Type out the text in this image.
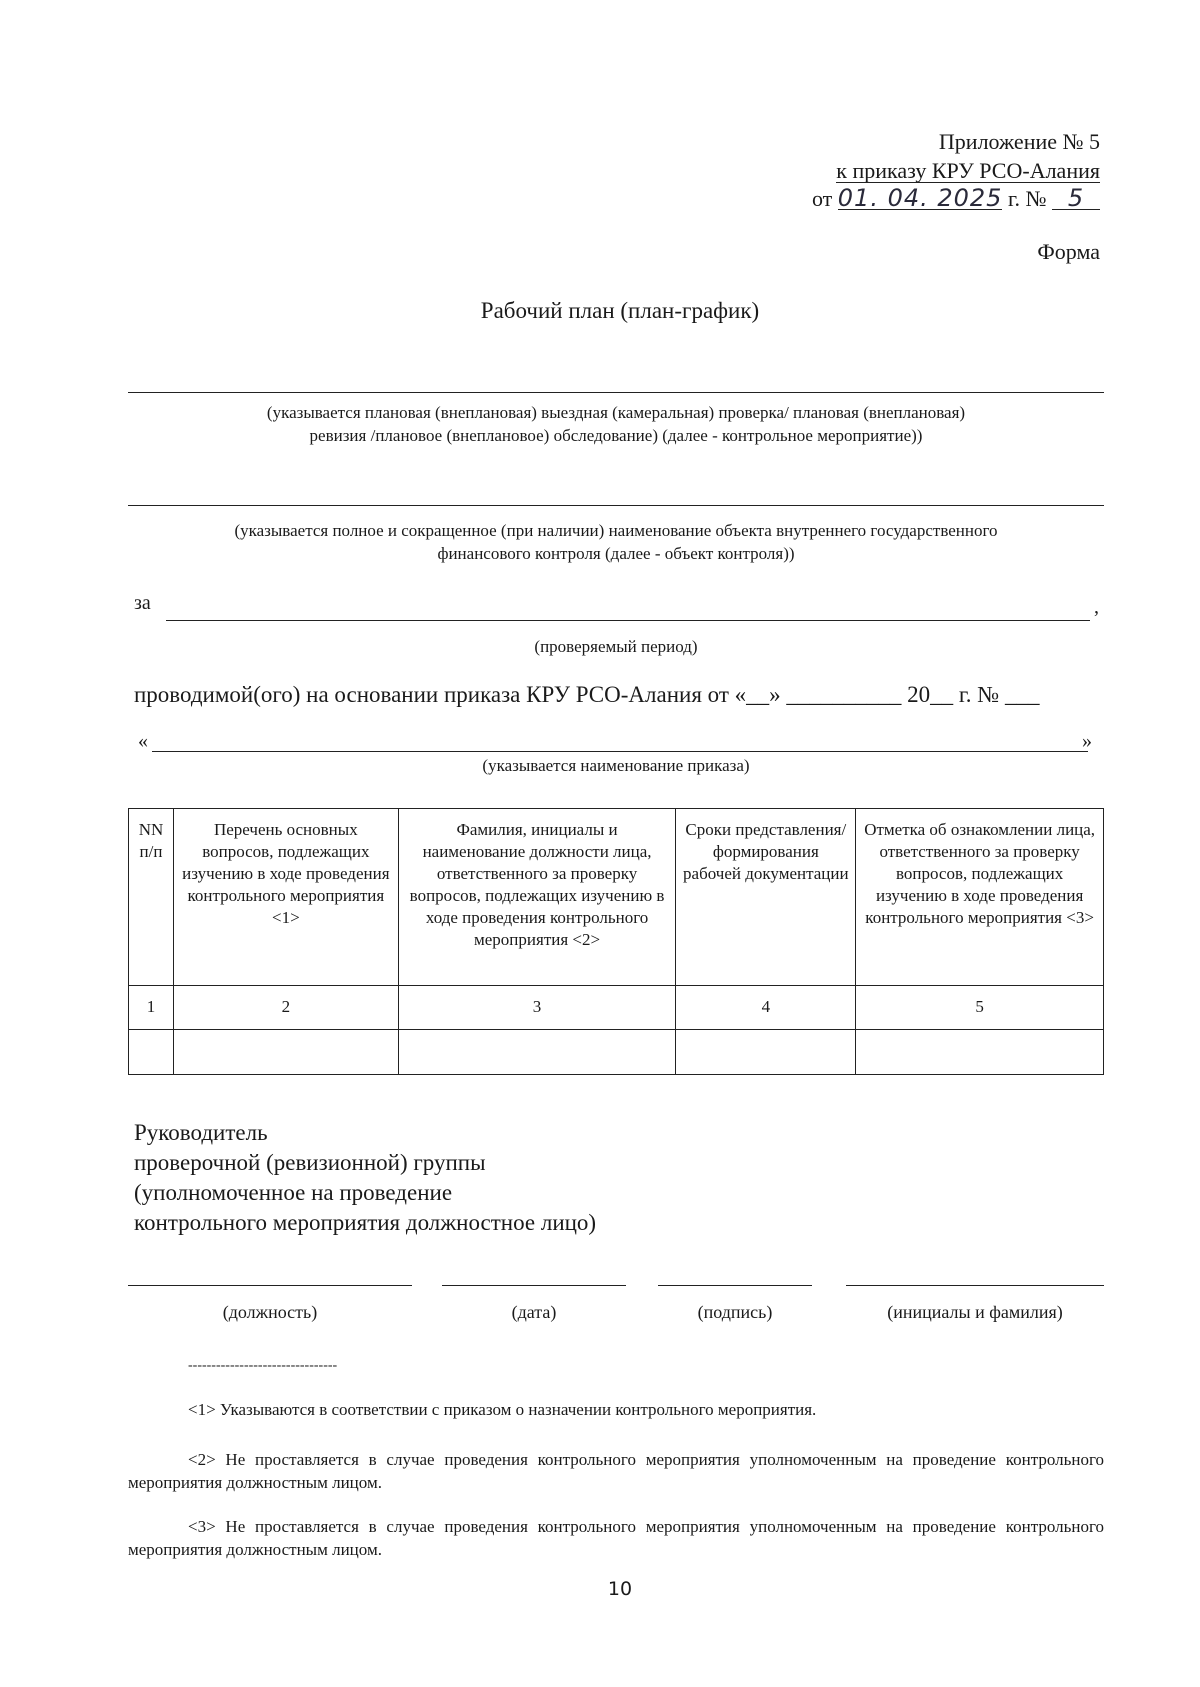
Приложение № 5
к приказу КРУ РСО-Алания
от 01. 04. 2025 г. № 5
Форма
Рабочий план (план-график)
(указывается плановая (внеплановая) выездная (камеральная) проверка/ плановая (внеплановая)
ревизия /плановое (внеплановое) обследование) (далее - контрольное мероприятие))
(указывается полное и сокращенное (при наличии) наименование объекта внутреннего государственного
финансового контроля (далее - объект контроля))
за	,
(проверяемый период)
проводимой(ого) на основании приказа КРУ РСО-Алания от «__» __________ 20__ г. № ___
«	»
(указывается наименование приказа)
NN п/п	Перечень основных вопросов, подлежащих изучению в ходе проведения контрольного мероприятия <1>	Фамилия, инициалы и наименование должности лица, ответственного за проверку вопросов, подлежащих изучению в ходе проведения контрольного мероприятия <2>	Сроки представления/ формирования рабочей документации	Отметка об ознакомлении лица, ответственного за проверку вопросов, подлежащих изучению в ходе проведения контрольного мероприятия <3>
1	2	3	4	5

Руководитель
проверочной (ревизионной) группы
(уполномоченное на проведение
контрольного мероприятия должностное лицо)
(должность)	(дата)	(подпись)	(инициалы и фамилия)
--------------------------------
<1> Указываются в соответствии с приказом о назначении контрольного мероприятия.
<2> Не проставляется в случае проведения контрольного мероприятия уполномоченным на проведение контрольного мероприятия должностным лицом.
<3> Не проставляется в случае проведения контрольного мероприятия уполномоченным на проведение контрольного мероприятия должностным лицом.
10
